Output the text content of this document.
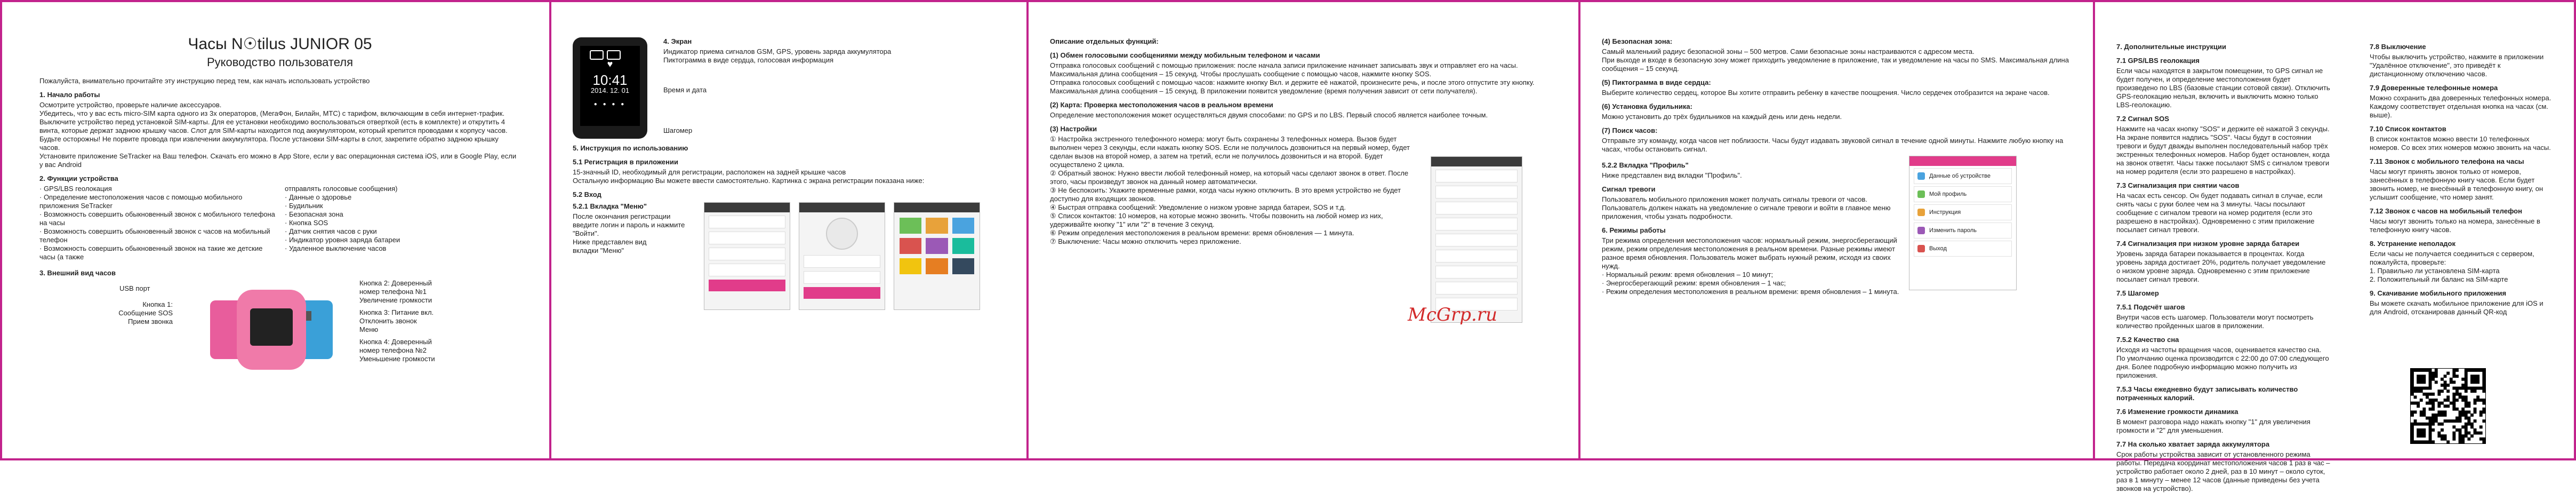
Часы N☉tilus JUNIOR 05

Руководство пользователя

Пожалуйста, внимательно прочитайте эту инструкцию перед тем, как начать использовать устройство

1. Начало работы

Осмотрите устройство, проверьте наличие аксессуаров.
Убедитесь, что у вас есть micro-SIM карта одного из 3х операторов, (МегаФон, Билайн, МТС) с тарифом, включающим в себя интернет-трафик. Выключите устройство перед установкой SIM-карты. Для ее установки необходимо воспользоваться отверткой (есть в комплекте) и открутить 4 винта, которые держат заднюю крышку часов. Слот для SIM-карты находится под аккумулятором, который крепится проводами к корпусу часов. Будьте осторожны! Не порвите провода при извлечении аккумулятора. После установки SIM-карты в слот, закрепите обратно заднюю крышку часов.
Установите приложение SeTracker на Ваш телефон. Скачать его можно в App Store, если у вас операционная система iOS, или в Google Play, если у вас Android

2. Функции устройства

· GPS/LBS геолокация
· Определение местоположения часов с помощью мобильного приложения SeTracker
· Возможность совершить обыкновенный звонок с мобильного телефона на часы
· Возможность совершить обыкновенный звонок с часов на мобильный телефон
· Возможность совершить обыкновенный звонок на такие же детские часы (а также

отправлять голосовые сообщения)
· Данные о здоровье
· Будильник
· Безопасная зона
· Кнопка SOS
· Датчик снятия часов с руки
· Индикатор уровня заряда батареи
· Удаленное выключение часов

3. Внешний вид часов

USB порт

Кнопка 1:
Сообщение SOS
Прием звонка

Кнопка 2: Доверенный
номер телефона №1
Увеличение громкости

Кнопка 3: Питание вкл.
Отклонить звонок
Меню

Кнопка 4: Доверенный
номер телефона №2
Уменьшение громкости

♥
10:41
2014. 12. 01
● ● ● ●

4. Экран

Индикатор приема сигналов GSM, GPS, уровень заряда аккумулятора
Пиктограмма в виде сердца, голосовая информация

Время и дата

Шагомер

5. Инструкция по использованию

5.1 Регистрация в приложении

15-значный ID, необходимый для регистрации, расположен на задней крышке часов
Остальную информацию Вы можете ввести самостоятельно. Картинка с экрана регистрации показана ниже:

5.2 Вход

5.2.1 Вкладка "Меню"

После окончания регистрации введите логин и пароль и нажмите "Войти".
Ниже представлен вид
вкладки "Меню"

Описание отдельных функций:

(1) Обмен голосовыми сообщениями между мобильным телефоном и часами

Отправка голосовых сообщений с помощью приложения: после начала записи приложение начинает записывать звук и отправляет его на часы. Максимальная длина сообщения – 15 секунд. Чтобы прослушать сообщение с помощью часов, нажмите кнопку SOS.
Отправка голосовых сообщений с помощью часов: нажмите кнопку Вкл. и держите её нажатой, произнесите речь, и после этого отпустите эту кнопку. Максимальная длина сообщения – 15 секунд. В приложении появится уведомление (время получения зависит от сети получателя).

(2) Карта: Проверка местоположения часов в реальном времени

Определение местоположения может осуществляться двумя способами: по GPS и по LBS. Первый способ является наиболее точным.

(3) Настройки

① Настройка экстренного телефонного номера: могут быть сохранены 3 телефонных номера. Вызов будет выполнен через 3 секунды, если нажать кнопку SOS. Если не получилось дозвониться на первый номер, будет сделан вызов на второй номер, а затем на третий, если не получилось дозвониться и на второй. Будет осуществлено 2 цикла.
② Обратный звонок: Нужно ввести любой телефонный номер, на который часы сделают звонок в ответ. После этого, часы произведут звонок на данный номер автоматически.
③ Не беспокоить: Укажите временные рамки, когда часы нужно отключить. В это время устройство не будет доступно для входящих звонков.
④ Быстрая отправка сообщений: Уведомление о низком уровне заряда батареи, SOS и т.д.
⑤ Список контактов: 10 номеров, на которые можно звонить. Чтобы позвонить на любой номер из них, удерживайте кнопку "1" или "2" в течение 3 секунд.
⑥ Режим определения местоположения в реальном времени: время обновления — 1 минута.
⑦ Выключение: Часы можно отключить через приложение.

(4) Безопасная зона:

Самый маленький радиус безопасной зоны – 500 метров. Сами безопасные зоны настраиваются с адресом места.
При выходе и входе в безопасную зону может приходить уведомление в приложение, так и уведомление на часы по SMS. Максимальная длина сообщения – 15 секунд.

(5) Пиктограмма в виде сердца:

Выберите количество сердец, которое Вы хотите отправить ребенку в качестве поощрения. Число сердечек отобразится на экране часов.

(6) Установка будильника:

Можно установить до трёх будильников на каждый день или день недели.

(7) Поиск часов:

Отправьте эту команду, когда часов нет поблизости. Часы будут издавать звуковой сигнал в течение одной минуты. Нажмите любую кнопку на часах, чтобы остановить сигнал.

5.2.2 Вкладка "Профиль"

Ниже представлен вид вкладки "Профиль".

Сигнал тревоги

Пользователь мобильного приложения может получать сигналы тревоги от часов. Пользователь должен нажать на уведомление о сигнале тревоги и войти в главное меню приложения, чтобы узнать подробности.

6. Режимы работы

Три режима определения местоположения часов: нормальный режим, энергосберегающий режим, режим определения местоположения в реальном времени. Разные режимы имеют разное время обновления. Пользователь может выбрать нужный режим, исходя из своих нужд.
· Нормальный режим: время обновления – 10 минут;
· Энергосберегающий режим: время обновления – 1 час;
· Режим определения местоположения в реальном времени: время обновления – 1 минута.

Данные об устройстве
Мой профиль
Инструкция
Изменить пароль
Выход
McGrp.ru

7. Дополнительные инструкции

7.1 GPS/LBS геолокация

Если часы находятся в закрытом помещении, то GPS сигнал не будет получен, и определение местоположения будет произведено по LBS (базовые станции сотовой связи). Отключить GPS-геолокацию нельзя, включить и выключить можно только LBS-геолокацию.

7.2 Сигнал SOS

Нажмите на часах кнопку "SOS" и держите её нажатой 3 секунды. На экране появится надпись "SOS". Часы будут в состоянии тревоги и будут дважды выполнен последовательный набор трёх экстренных телефонных номеров. Набор будет остановлен, когда на звонок ответят. Часы также посылают SMS с сигналом тревоги на номер родителя (если это разрешено в настройках).

7.3 Сигнализация при снятии часов

На часах есть сенсор. Он будет подавать сигнал в случае, если снять часы с руки более чем на 3 минуты. Часы посылают сообщение с сигналом тревоги на номер родителя (если это разрешено в настройках). Одновременно с этим приложение посылает сигнал тревоги.

7.4 Сигнализация при низком уровне заряда батареи

Уровень заряда батареи показывается в процентах. Когда уровень заряда достигает 20%, родитель получает уведомление о низком уровне заряда. Одновременно с этим приложение посылает сигнал тревоги.

7.5 Шагомер

7.5.1 Подсчёт шагов

Внутри часов есть шагомер. Пользователи могут посмотреть количество пройденных шагов в приложении.

7.5.2 Качество сна

Исходя из частоты вращения часов, оценивается качество сна. По умолчанию оценка производится с 22:00 до 07:00 следующего дня. Более подробную информацию можно получить из приложения.

7.5.3 Часы ежедневно будут записывать количество потраченных калорий.

7.6 Изменение громкости динамика

В момент разговора надо нажать кнопку "1" для увеличения громкости и "2" для уменьшения.

7.7 На сколько хватает заряда аккумулятора

Срок работы устройства зависит от установленного режима работы. Передача координат местоположения часов 1 раз в час – устройство работает около 2 дней, раз в 10 минут – около суток, раз в 1 минуту – менее 12 часов (данные приведены без учета звонков на устройство).

7.8 Выключение

Чтобы выключить устройство, нажмите в приложении "Удалённое отключение", это приведёт к дистанционному отключению часов.

7.9 Доверенные телефонные номера

Можно сохранить два доверенных телефонных номера. Каждому соответствует отдельная кнопка на часах (см. выше).

7.10 Список контактов

В список контактов можно ввести 10 телефонных номеров. Со всех этих номеров можно звонить на часы.

7.11 Звонок с мобильного телефона на часы

Часы могут принять звонок только от номеров, занесённых в телефонную книгу часов. Если будет звонить номер, не внесённый в телефонную книгу, он услышит сообщение, что номер занят.

7.12 Звонок с часов на мобильный телефон

Часы могут звонить только на номера, занесённые в телефонную книгу часов.

8. Устранение неполадок

Если часы не получается соединиться с сервером, пожалуйста, проверьте:
1. Правильно ли установлена SIM-карта
2. Положительный ли баланс на SIM-карте

9. Скачивание мобильного приложения

Вы можете скачать мобильное приложение для iOS и для Android, отсканировав данный QR-код
